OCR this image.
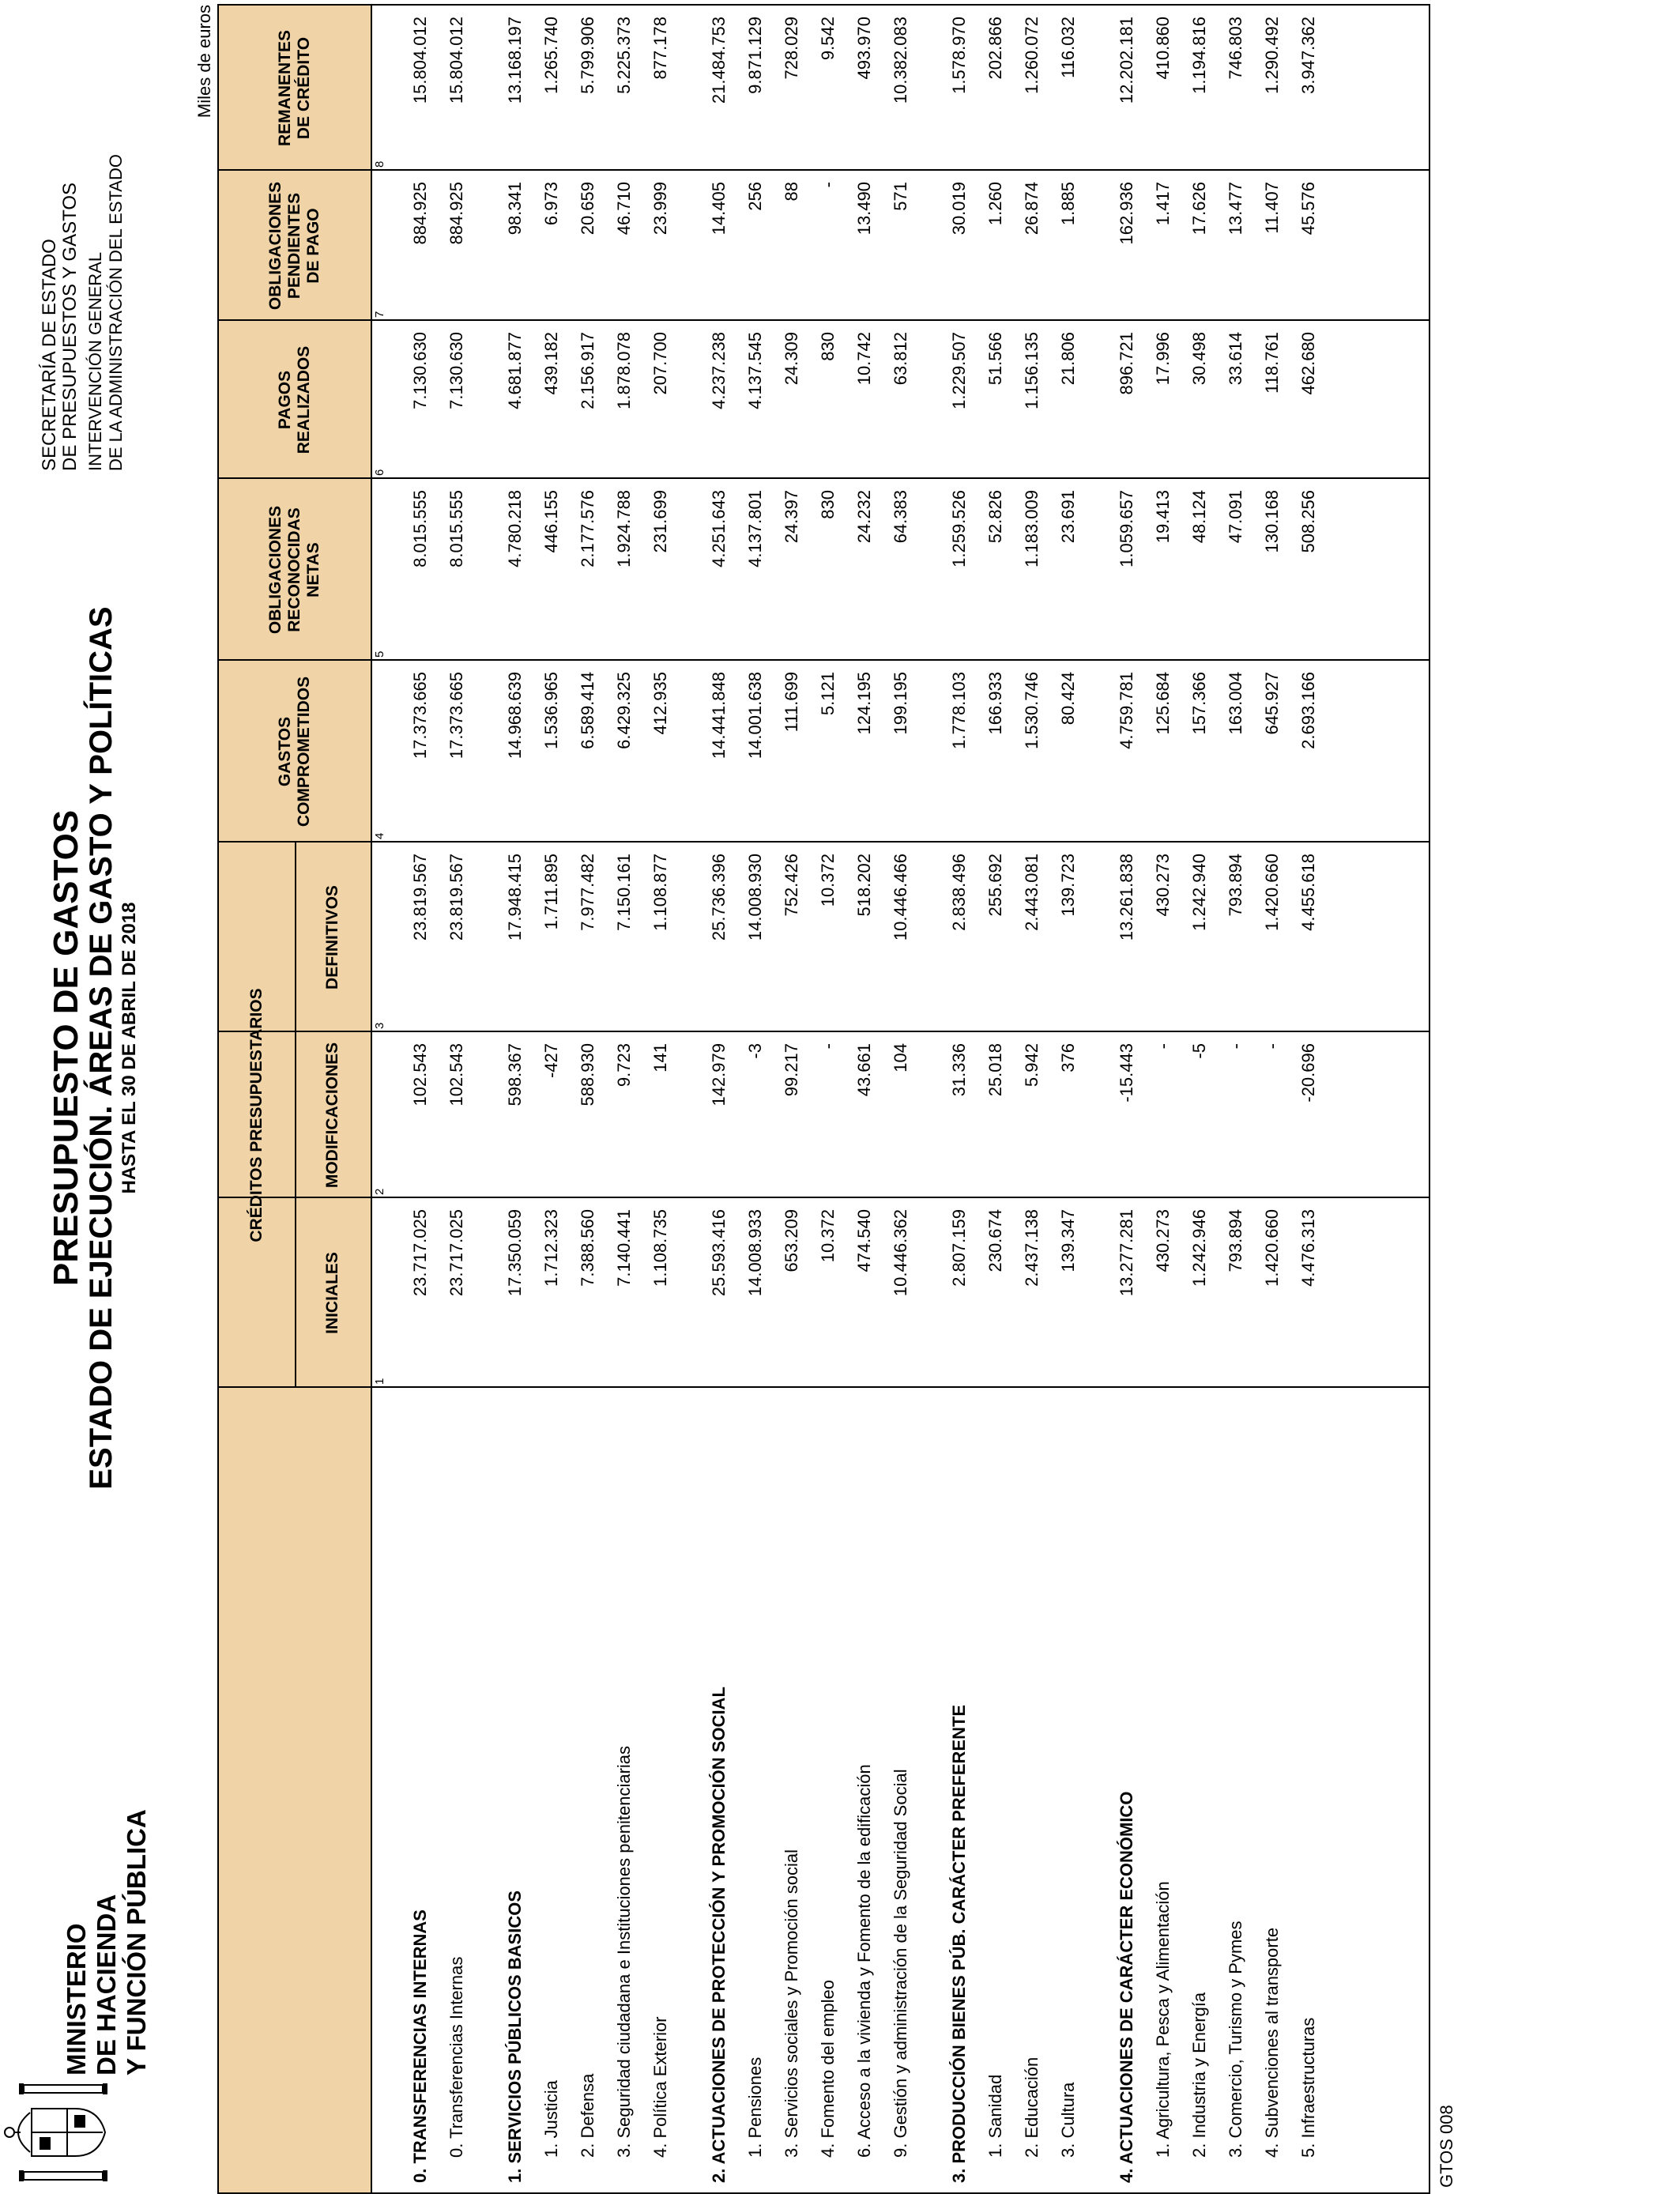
MINISTERIO DE HACIENDA Y FUNCIÓN PÚBLICA
PRESUPUESTO DE GASTOS
ESTADO DE EJECUCIÓN. ÁREAS DE GASTO Y POLÍTICAS HASTA EL 30 DE ABRIL DE 2018
SECRETARÍA DE ESTADO DE PRESUPUESTOS Y GASTOS INTERVENCIÓN GENERAL DE LA ADMINISTRACIÓN DEL ESTADO
Miles de euros
CRÉDITOS PRESUPUESTARIOS
INICIALES
MODIFICACIONES
DEFINITIVOS
GASTOS COMPROMETIDOS
OBLIGACIONES RECONOCIDAS NETAS
PAGOS REALIZADOS
OBLIGACIONES PENDIENTES DE PAGO
REMANENTES DE CRÉDITO
1
2
3
4
5
6
7
8
0. TRANSFERENCIAS INTERNAS
23.717.025
102.543
23.819.567
17.373.665
8.015.555
7.130.630
884.925
15.804.012
0. Transferencias Internas
23.717.025
102.543
23.819.567
17.373.665
8.015.555
7.130.630
884.925
15.804.012
1. SERVICIOS PÚBLICOS BASICOS
17.350.059
598.367
17.948.415
14.968.639
4.780.218
4.681.877
98.341
13.168.197
1. Justicia
1.712.323
-427
1.711.895
1.536.965
446.155
439.182
6.973
1.265.740
2. Defensa
7.388.560
588.930
7.977.482
6.589.414
2.177.576
2.156.917
20.659
5.799.906
3. Seguridad ciudadana e Instituciones penitenciarias
7.140.441
9.723
7.150.161
6.429.325
1.924.788
1.878.078
46.710
5.225.373
4. Política Exterior
1.108.735
141
1.108.877
412.935
231.699
207.700
23.999
877.178
2. ACTUACIONES DE PROTECCIÓN Y PROMOCIÓN SOCIAL
25.593.416
142.979
25.736.396
14.441.848
4.251.643
4.237.238
14.405
21.484.753
1. Pensiones
14.008.933
-3
14.008.930
14.001.638
4.137.801
4.137.545
256
9.871.129
3. Servicios sociales y Promoción social
653.209
99.217
752.426
111.699
24.397
24.309
88
728.029
4. Fomento del empleo
10.372
-
10.372
5.121
830
830
-
9.542
6. Acceso a la vivienda y Fomento de la edificación
474.540
43.661
518.202
124.195
24.232
10.742
13.490
493.970
9. Gestión y administración de la Seguridad Social
10.446.362
104
10.446.466
199.195
64.383
63.812
571
10.382.083
3. PRODUCCIÓN BIENES PÚB. CARÁCTER PREFERENTE
2.807.159
31.336
2.838.496
1.778.103
1.259.526
1.229.507
30.019
1.578.970
1. Sanidad
230.674
25.018
255.692
166.933
52.826
51.566
1.260
202.866
2. Educación
2.437.138
5.942
2.443.081
1.530.746
1.183.009
1.156.135
26.874
1.260.072
3. Cultura
139.347
376
139.723
80.424
23.691
21.806
1.885
116.032
4. ACTUACIONES DE CARÁCTER ECONÓMICO
13.277.281
-15.443
13.261.838
4.759.781
1.059.657
896.721
162.936
12.202.181
1. Agricultura, Pesca y Alimentación
430.273
-
430.273
125.684
19.413
17.996
1.417
410.860
2. Industria y Energía
1.242.946
-5
1.242.940
157.366
48.124
30.498
17.626
1.194.816
3. Comercio, Turismo y Pymes
793.894
-
793.894
163.004
47.091
33.614
13.477
746.803
4. Subvenciones al transporte
1.420.660
-
1.420.660
645.927
130.168
118.761
11.407
1.290.492
5. Infraestructuras
4.476.313
-20.696
4.455.618
2.693.166
508.256
462.680
45.576
3.947.362
GTOS 008
